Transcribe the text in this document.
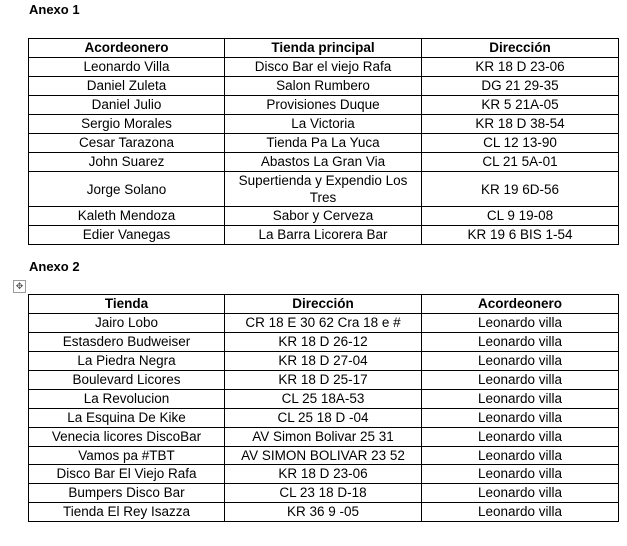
Anexo 1
Acordeonero	Tienda principal	Dirección
Leonardo Villa	Disco Bar el viejo Rafa	KR 18 D 23-06
Daniel Zuleta	Salon Rumbero	DG 21 29-35
Daniel Julio	Provisiones Duque	KR 5 21A-05
Sergio Morales	La Victoria	KR 18 D 38-54
Cesar Tarazona	Tienda Pa La Yuca	CL 12 13-90
John Suarez	Abastos La Gran Via	CL 21 5A-01
Jorge Solano	Supertienda y Expendio Los Tres	KR 19 6D-56
Kaleth Mendoza	Sabor y Cerveza	CL 9 19-08
Edier Vanegas	La Barra Licorera Bar	KR 19 6 BIS 1-54
Anexo 2
✥
Tienda	Dirección	Acordeonero
Jairo Lobo	CR 18 E 30 62 Cra 18 e #	Leonardo villa
Estasdero Budweiser	KR 18 D 26-12	Leonardo villa
La Piedra Negra	KR 18 D 27-04	Leonardo villa
Boulevard Licores	KR 18 D 25-17	Leonardo villa
La Revolucion	CL 25 18A-53	Leonardo villa
La Esquina De Kike	CL 25 18 D -04	Leonardo villa
Venecia licores DiscoBar	AV Simon Bolivar 25 31	Leonardo villa
Vamos pa #TBT	AV SIMON BOLIVAR 23 52	Leonardo villa
Disco Bar El Viejo Rafa	KR 18 D 23-06	Leonardo villa
Bumpers Disco Bar	CL 23 18 D-18	Leonardo villa
Tienda El Rey Isazza	KR 36 9 -05	Leonardo villa
